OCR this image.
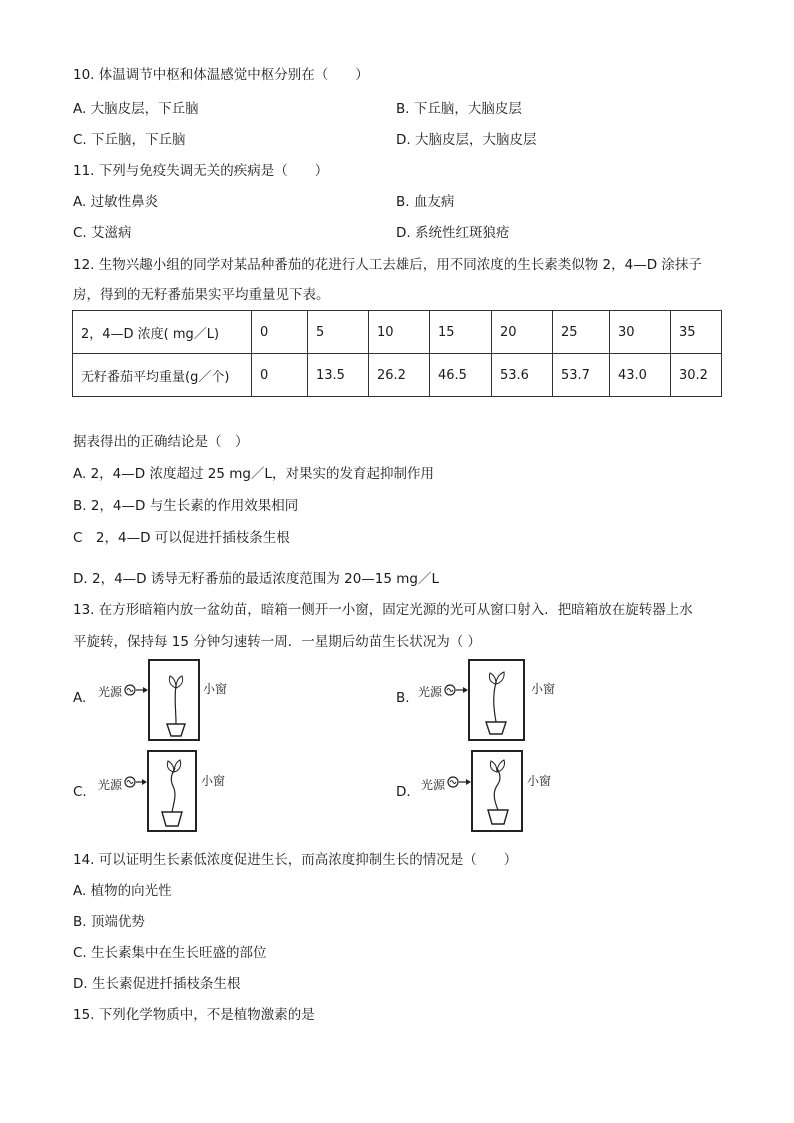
10. 体温调节中枢和体温感觉中枢分别在（　　）
A. 大脑皮层，下丘脑	B. 下丘脑，大脑皮层
C. 下丘脑，下丘脑	D. 大脑皮层，大脑皮层
11. 下列与免疫失调无关的疾病是（　　）
A. 过敏性鼻炎	B. 血友病
C. 艾滋病	D. 系统性红斑狼疮
12. 生物兴趣小组的同学对某品种番茄的花进行人工去雄后，用不同浓度的生长素类似物 2，4—D 涂抹子
房，得到的无籽番茄果实平均重量见下表。
2，4—D 浓度( mg／L)	0	5	10	15	20	25	30	35
无籽番茄平均重量(g／个)	0	13.5	26.2	46.5	53.6	53.7	43.0	30.2
据表得出的正确结论是（　）
A. 2，4—D 浓度超过 25 mg／L，对果实的发育起抑制作用
B. 2，4—D 与生长素的作用效果相同
C　2，4—D 可以促进扦插枝条生根
D. 2，4—D 诱导无籽番茄的最适浓度范围为 20—15 mg／L
13. 在方形暗箱内放一盆幼苗，暗箱一侧开一小窗，固定光源的光可从窗口射入．把暗箱放在旋转器上水
平旋转，保持每 15 分钟匀速转一周．一星期后幼苗生长状况为（ ）
A. 光源	小窗
B. 光源	小窗
C. 光源	小窗
D. 光源	小窗
14. 可以证明生长素低浓度促进生长，而高浓度抑制生长的情况是（　　）
A. 植物的向光性
B. 顶端优势
C. 生长素集中在生长旺盛的部位
D. 生长素促进扦插枝条生根
15. 下列化学物质中，不是植物激素的是
